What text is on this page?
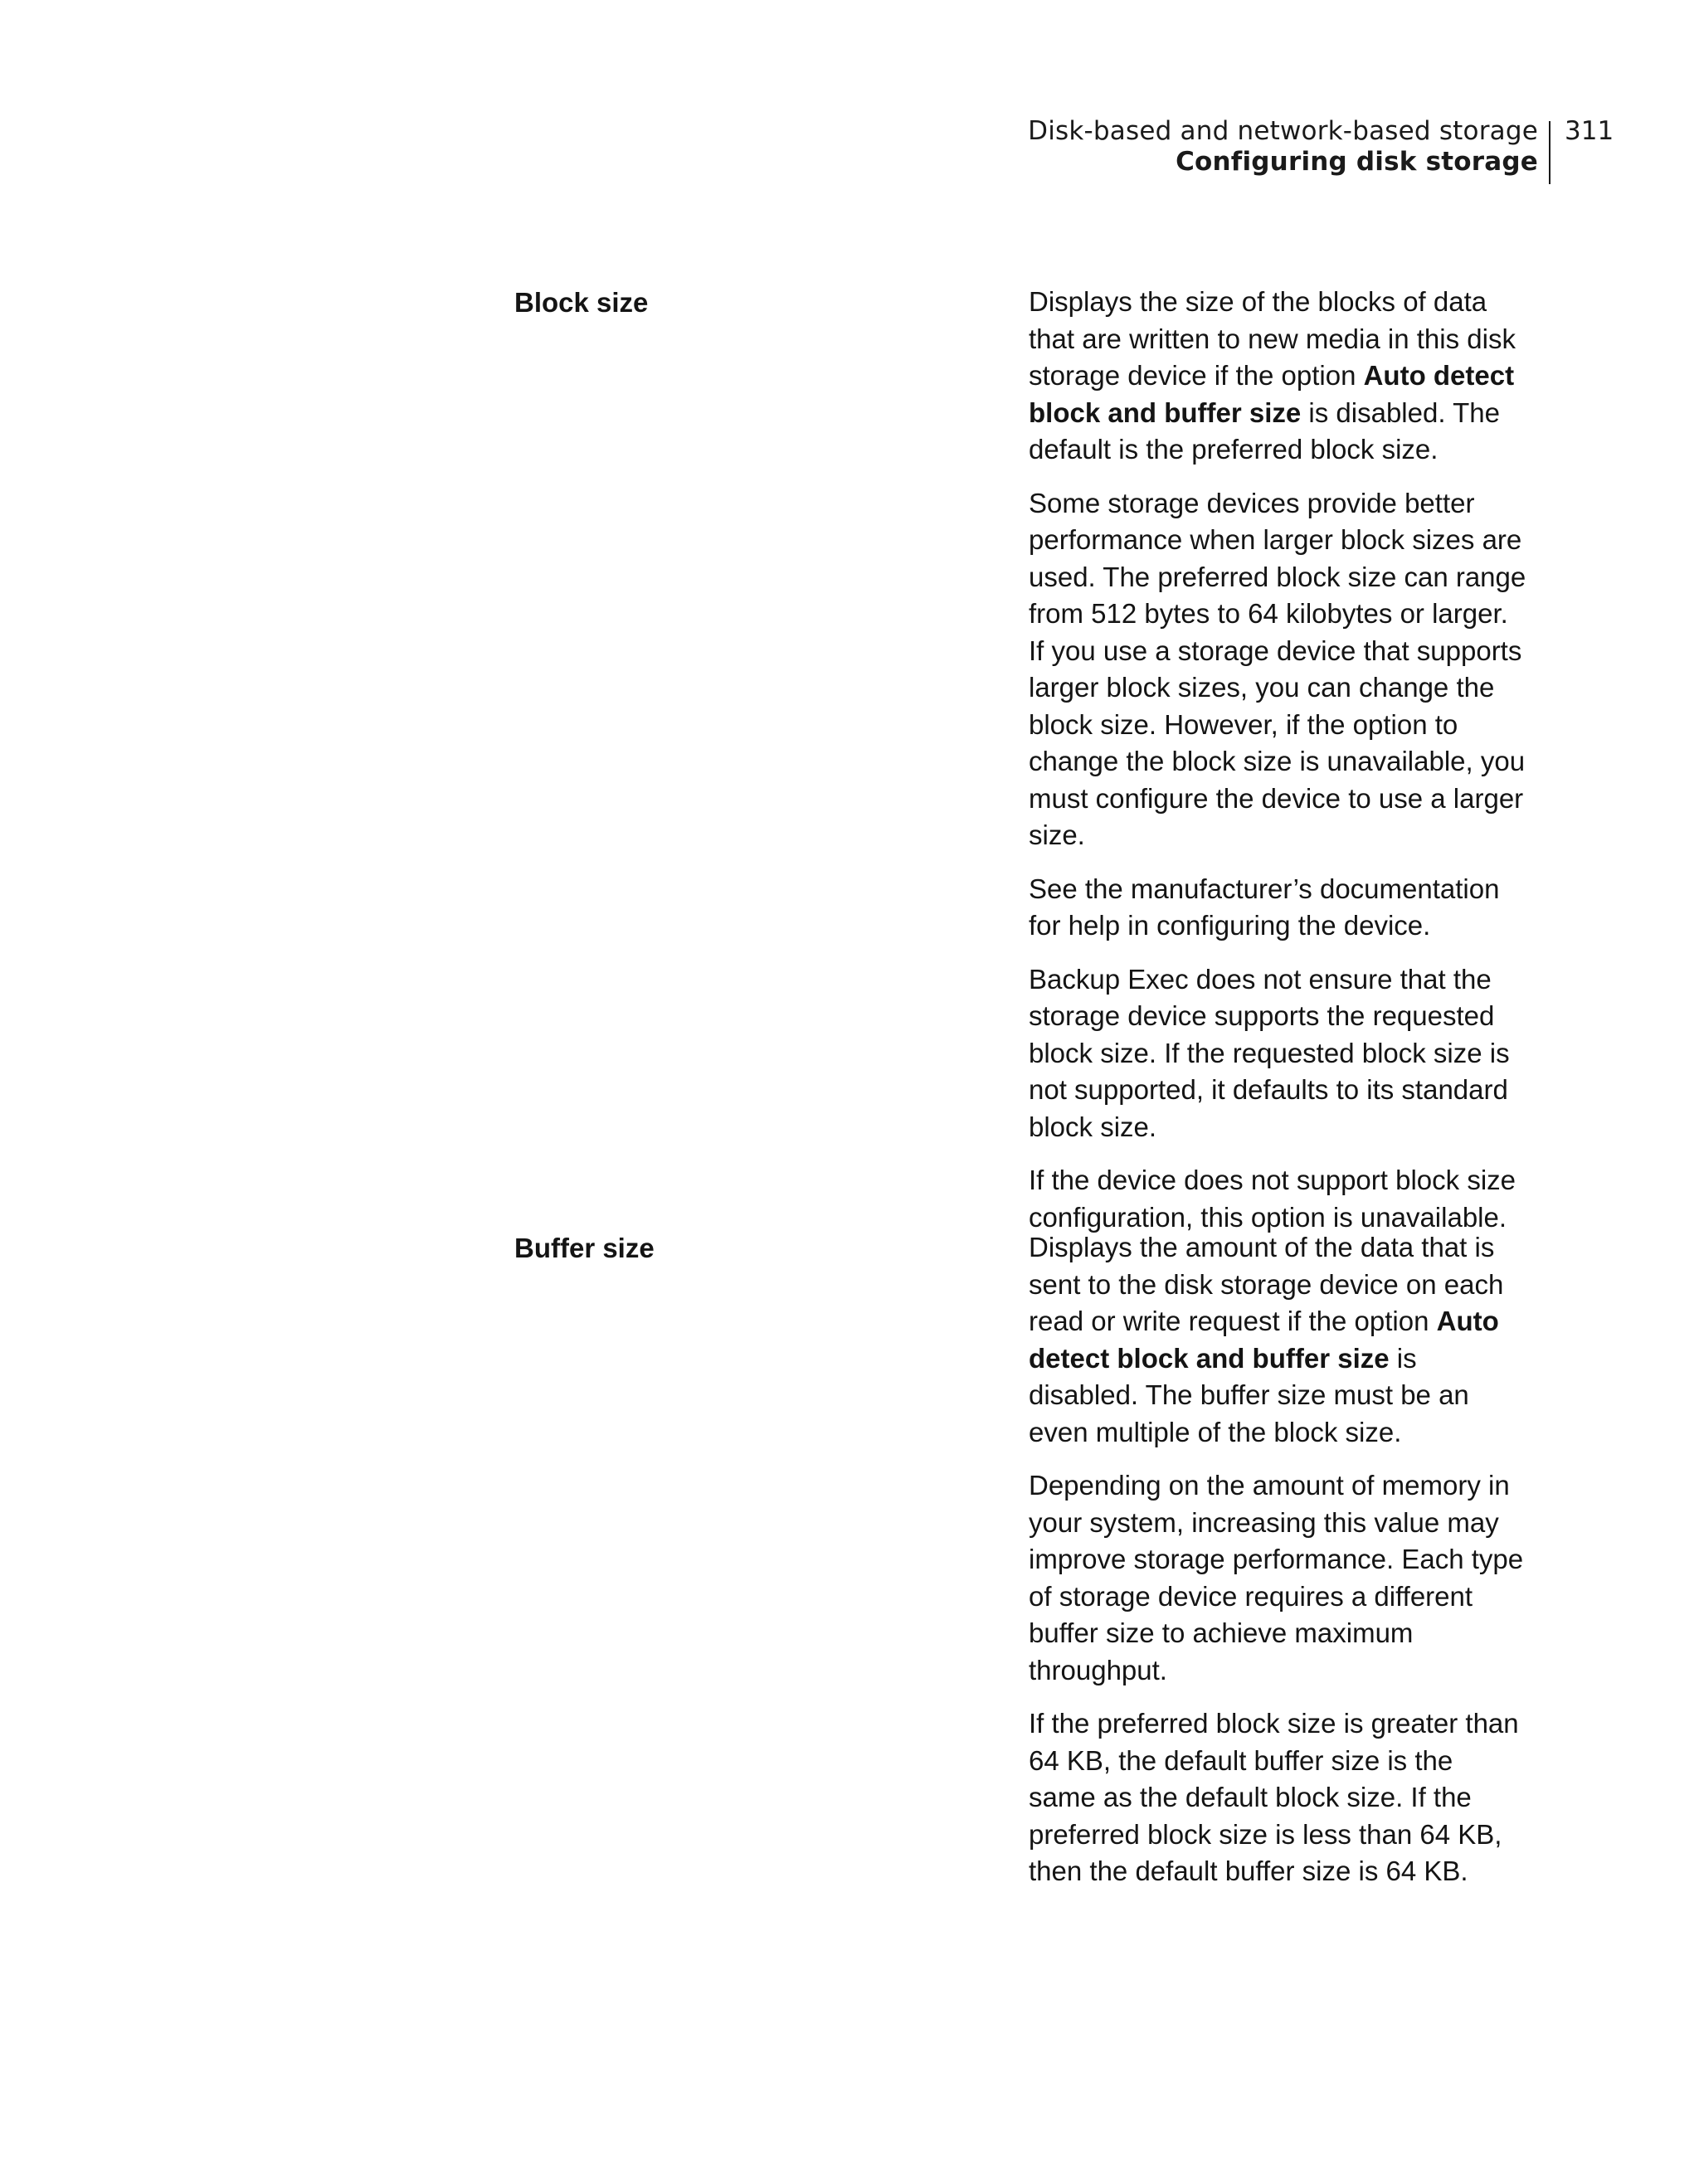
Disk-based and network-based storage
Configuring disk storage
311
Block size	Displays the size of the blocks of data that are written to new media in this disk storage device if the option Auto detect block and buffer size is disabled. The default is the preferred block size.

Some storage devices provide better performance when larger block sizes are used. The preferred block size can range from 512 bytes to 64 kilobytes or larger. If you use a storage device that supports larger block sizes, you can change the block size. However, if the option to change the block size is unavailable, you must configure the device to use a larger size.

See the manufacturer’s documentation for help in configuring the device.

Backup Exec does not ensure that the storage device supports the requested block size. If the requested block size is not supported, it defaults to its standard block size.

If the device does not support block size configuration, this option is unavailable.

Buffer size	Displays the amount of the data that is sent to the disk storage device on each read or write request if the option Auto detect block and buffer size is disabled. The buffer size must be an even multiple of the block size.

Depending on the amount of memory in your system, increasing this value may improve storage performance. Each type of storage device requires a different buffer size to achieve maximum throughput.

If the preferred block size is greater than 64 KB, the default buffer size is the same as the default block size. If the preferred block size is less than 64 KB, then the default buffer size is 64 KB.
